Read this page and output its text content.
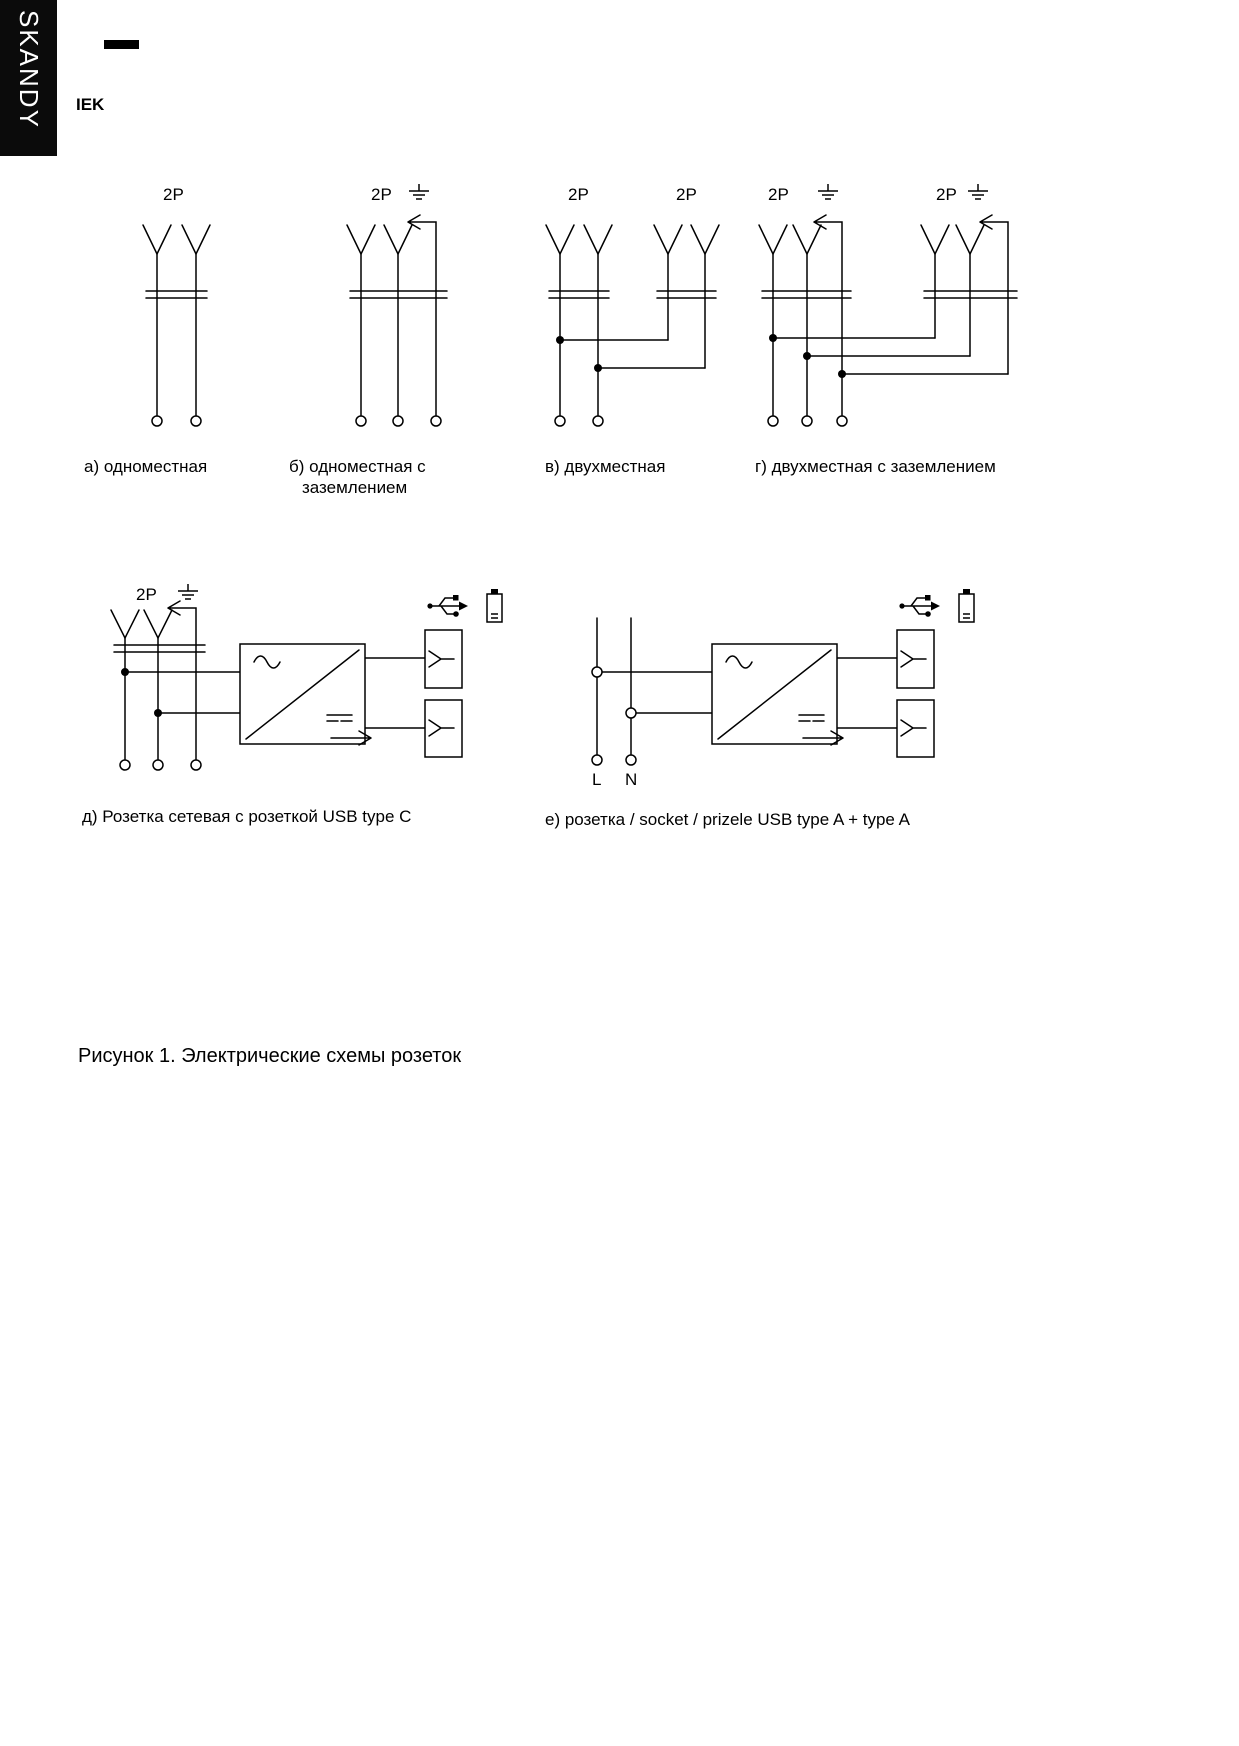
SKANDY IEK
2P
а) одноместная
2P
б) одноместная с
заземлением
2P	2P
в) двухместная
2P	2P
г) двухместная с заземлением
2P
д) Розетка сетевая с розеткой USB type C
L N
е) розетка / socket / prizele USB type A + type A
Рисунок 1. Электрические схемы розеток
